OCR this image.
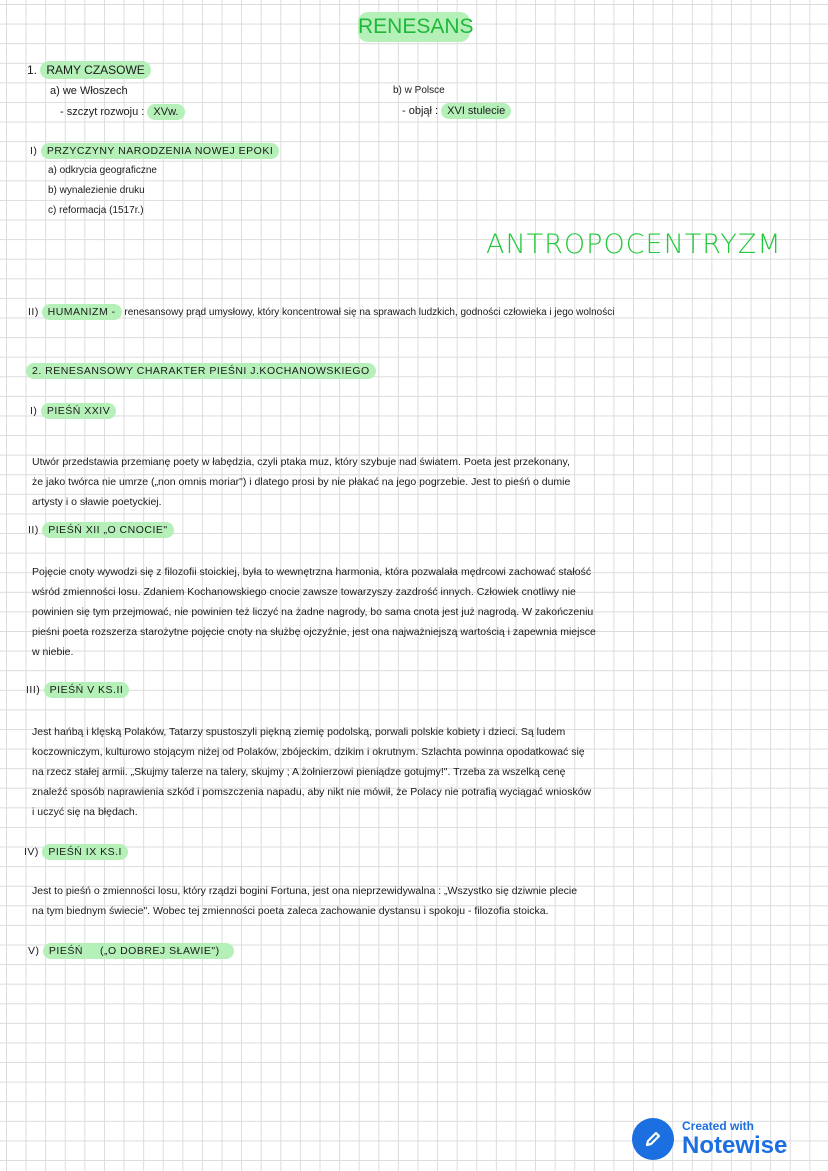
RENESANS
1. RAMY CZASOWE
a) we Włoszech
- szczyt rozwoju : XVw.
b) w Polsce
- objął : XVI stulecie
I) PRZYCZYNY NARODZENIA NOWEJ EPOKI
a) odkrycia geograficzne
b) wynalezienie druku
c) reformacja (1517r.)
ANTROPOCENTRYZM
II) HUMANIZM - renesansowy prąd umysłowy, który koncentrował się na sprawach ludzkich, godności człowieka i jego wolności
2. RENESANSOWY CHARAKTER PIEŚNI J.KOCHANOWSKIEGO
I) PIEŚŃ XXIV
Utwór przedstawia przemianę poety w łabędzia, czyli ptaka muz, który szybuje nad światem. Poeta jest przekonany,
że jako twórca nie umrze („non omnis moriar") i dlatego prosi by nie płakać na jego pogrzebie. Jest to pieśń o dumie
artysty i o sławie poetyckiej.
II) PIEŚŃ XII „O CNOCIE"
Pojęcie cnoty wywodzi się z filozofii stoickiej, była to wewnętrzna harmonia, która pozwalała mędrcowi zachować stałość
wśród zmienności losu. Zdaniem Kochanowskiego cnocie zawsze towarzyszy zazdrość innych. Człowiek cnotliwy nie
powinien się tym przejmować, nie powinien też liczyć na żadne nagrody, bo sama cnota jest już nagrodą. W zakończeniu
pieśni poeta rozszerza starożytne pojęcie cnoty na służbę ojczyźnie, jest ona najważniejszą wartością i zapewnia miejsce
w niebie.
III) PIEŚŃ V KS.II
Jest hańbą i klęską Polaków, Tatarzy spustoszyli piękną ziemię podolską, porwali polskie kobiety i dzieci. Są ludem
koczowniczym, kulturowo stojącym niżej od Polaków, zbójeckim, dzikim i okrutnym. Szlachta powinna opodatkować się
na rzecz stałej armii. „Skujmy talerze na talery, skujmy ; A żołnierzowi pieniądze gotujmy!". Trzeba za wszelką cenę
znaleźć sposób naprawienia szkód i pomszczenia napadu, aby nikt nie mówił, że Polacy nie potrafią wyciągać wniosków
i uczyć się na błędach.
IV) PIEŚŃ IX KS.I
Jest to pieśń o zmienności losu, który rządzi bogini Fortuna, jest ona nieprzewidywalna : „Wszystko się dziwnie plecie
na tym biednym świecie". Wobec tej zmienności poeta zaleca zachowanie dystansu i spokoju - filozofia stoicka.
V) PIEŚŃ     („O DOBREJ SŁAWIE")
Created with
Notewise
